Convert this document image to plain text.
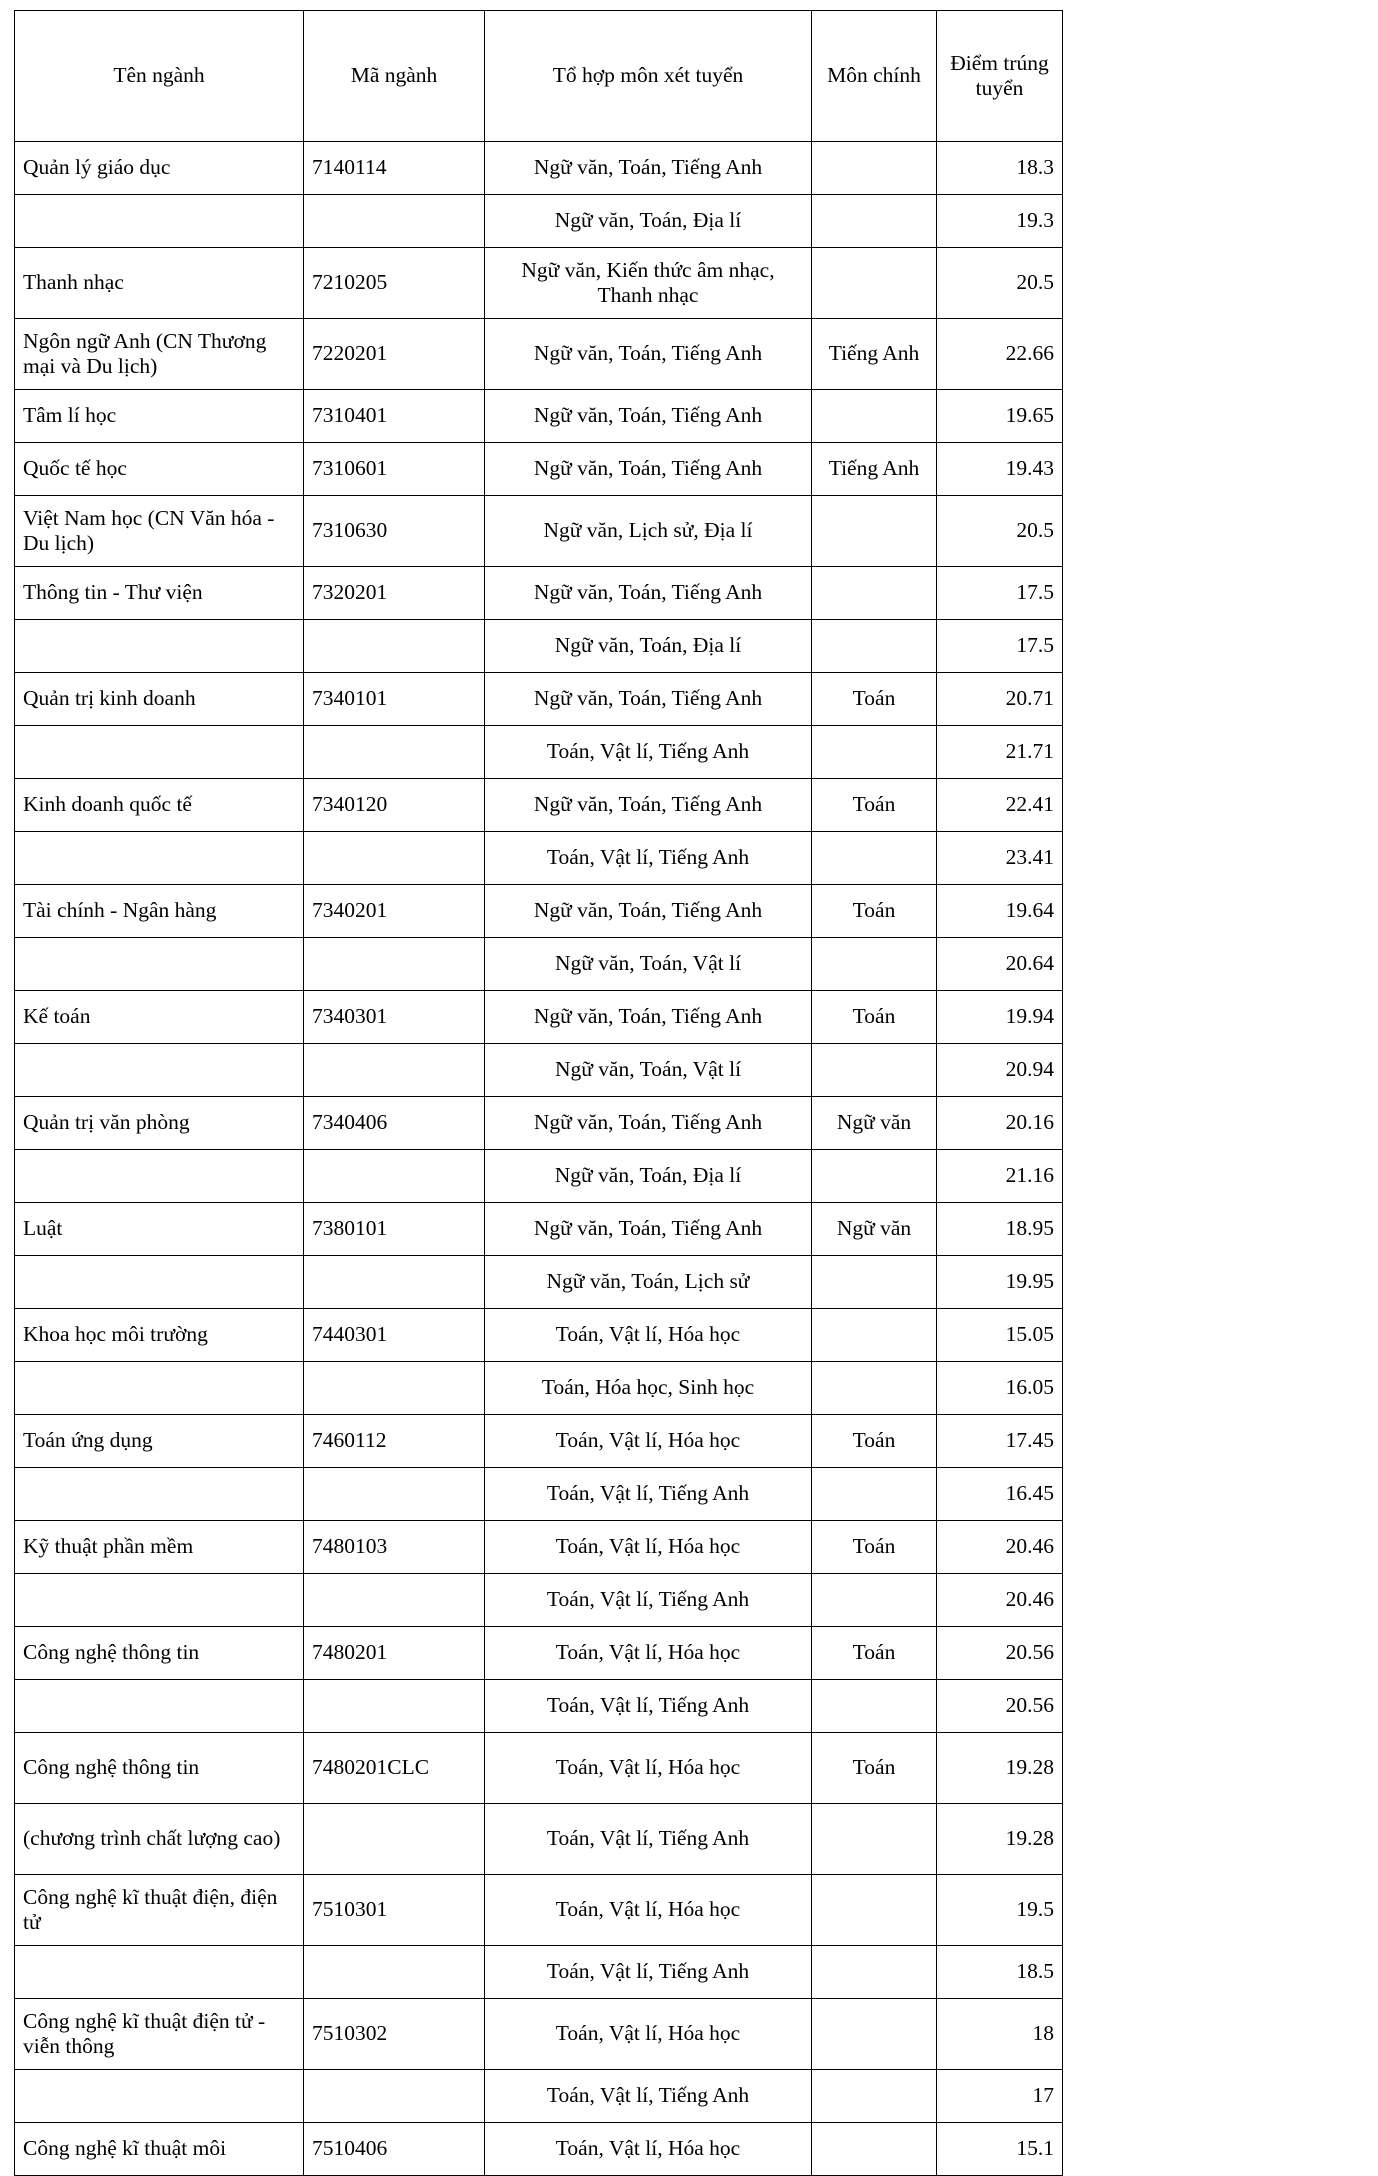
Tên ngành	Mã ngành	Tổ hợp môn xét tuyển	Môn chính	Điểm trúng tuyển
Quản lý giáo dục	7140114	Ngữ văn, Toán, Tiếng Anh		18.3
		Ngữ văn, Toán, Địa lí		19.3
Thanh nhạc	7210205	Ngữ văn, Kiến thức âm nhạc, Thanh nhạc		20.5
Ngôn ngữ Anh (CN Thương mại và Du lịch)	7220201	Ngữ văn, Toán, Tiếng Anh	Tiếng Anh	22.66
Tâm lí học	7310401	Ngữ văn, Toán, Tiếng Anh		19.65
Quốc tế học	7310601	Ngữ văn, Toán, Tiếng Anh	Tiếng Anh	19.43
Việt Nam học (CN Văn hóa - Du lịch)	7310630	Ngữ văn, Lịch sử, Địa lí		20.5
Thông tin - Thư viện	7320201	Ngữ văn, Toán, Tiếng Anh		17.5
		Ngữ văn, Toán, Địa lí		17.5
Quản trị kinh doanh	7340101	Ngữ văn, Toán, Tiếng Anh	Toán	20.71
		Toán, Vật lí, Tiếng Anh		21.71
Kinh doanh quốc tế	7340120	Ngữ văn, Toán, Tiếng Anh	Toán	22.41
		Toán, Vật lí, Tiếng Anh		23.41
Tài chính - Ngân hàng	7340201	Ngữ văn, Toán, Tiếng Anh	Toán	19.64
		Ngữ văn, Toán, Vật lí		20.64
Kế toán	7340301	Ngữ văn, Toán, Tiếng Anh	Toán	19.94
		Ngữ văn, Toán, Vật lí		20.94
Quản trị văn phòng	7340406	Ngữ văn, Toán, Tiếng Anh	Ngữ văn	20.16
		Ngữ văn, Toán, Địa lí		21.16
Luật	7380101	Ngữ văn, Toán, Tiếng Anh	Ngữ văn	18.95
		Ngữ văn, Toán, Lịch sử		19.95
Khoa học môi trường	7440301	Toán, Vật lí, Hóa học		15.05
		Toán, Hóa học, Sinh học		16.05
Toán ứng dụng	7460112	Toán, Vật lí, Hóa học	Toán	17.45
		Toán, Vật lí, Tiếng Anh		16.45
Kỹ thuật phần mềm	7480103	Toán, Vật lí, Hóa học	Toán	20.46
		Toán, Vật lí, Tiếng Anh		20.46
Công nghệ thông tin	7480201	Toán, Vật lí, Hóa học	Toán	20.56
		Toán, Vật lí, Tiếng Anh		20.56
Công nghệ thông tin	7480201CLC	Toán, Vật lí, Hóa học	Toán	19.28
(chương trình chất lượng cao)		Toán, Vật lí, Tiếng Anh		19.28
Công nghệ kĩ thuật điện, điện tử	7510301	Toán, Vật lí, Hóa học		19.5
		Toán, Vật lí, Tiếng Anh		18.5
Công nghệ kĩ thuật điện tử - viễn thông	7510302	Toán, Vật lí, Hóa học		18
		Toán, Vật lí, Tiếng Anh		17
Công nghệ kĩ thuật môi	7510406	Toán, Vật lí, Hóa học		15.1
